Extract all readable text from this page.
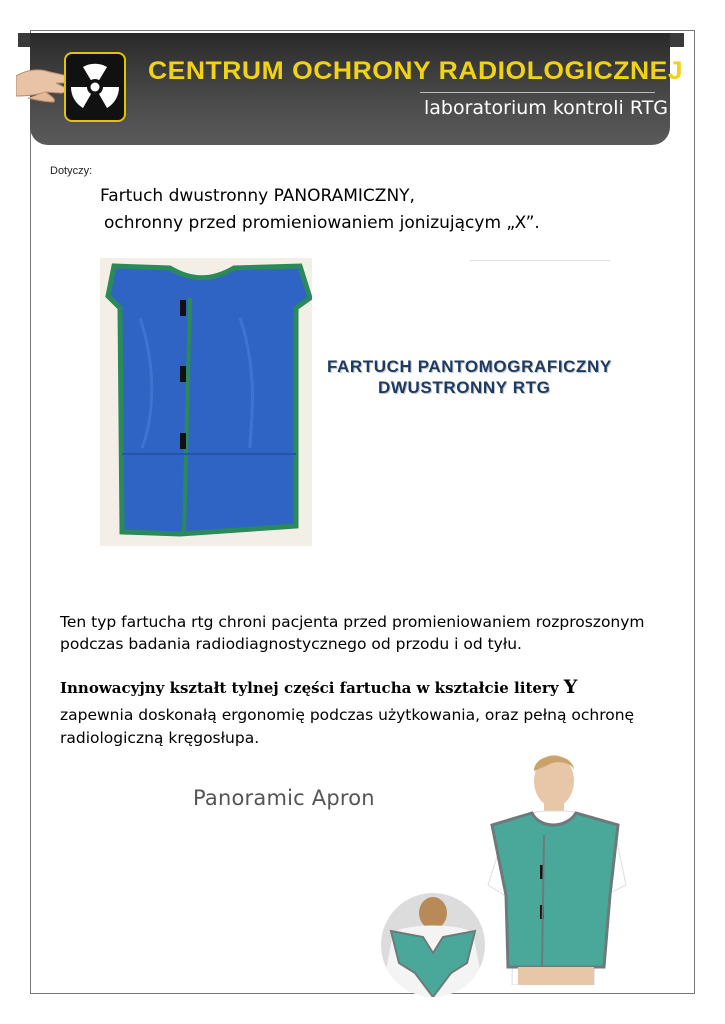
CENTRUM OCHRONY RADIOLOGICZNEJ
laboratorium kontroli RTG
Dotyczy:
Fartuch dwustronny PANORAMICZNY,
ochronny przed promieniowaniem jonizującym „X”.
FARTUCH PANTOMOGRAFICZNY
DWUSTRONNY RTG
Ten typ fartucha rtg chroni pacjenta przed promieniowaniem rozproszonym podczas badania radiodiagnostycznego od przodu i od tyłu.
Innowacyjny kształt tylnej części fartucha w kształcie litery Y
zapewnia doskonałą ergonomię podczas użytkowania, oraz pełną ochronę radiologiczną kręgosłupa.
Panoramic Apron
